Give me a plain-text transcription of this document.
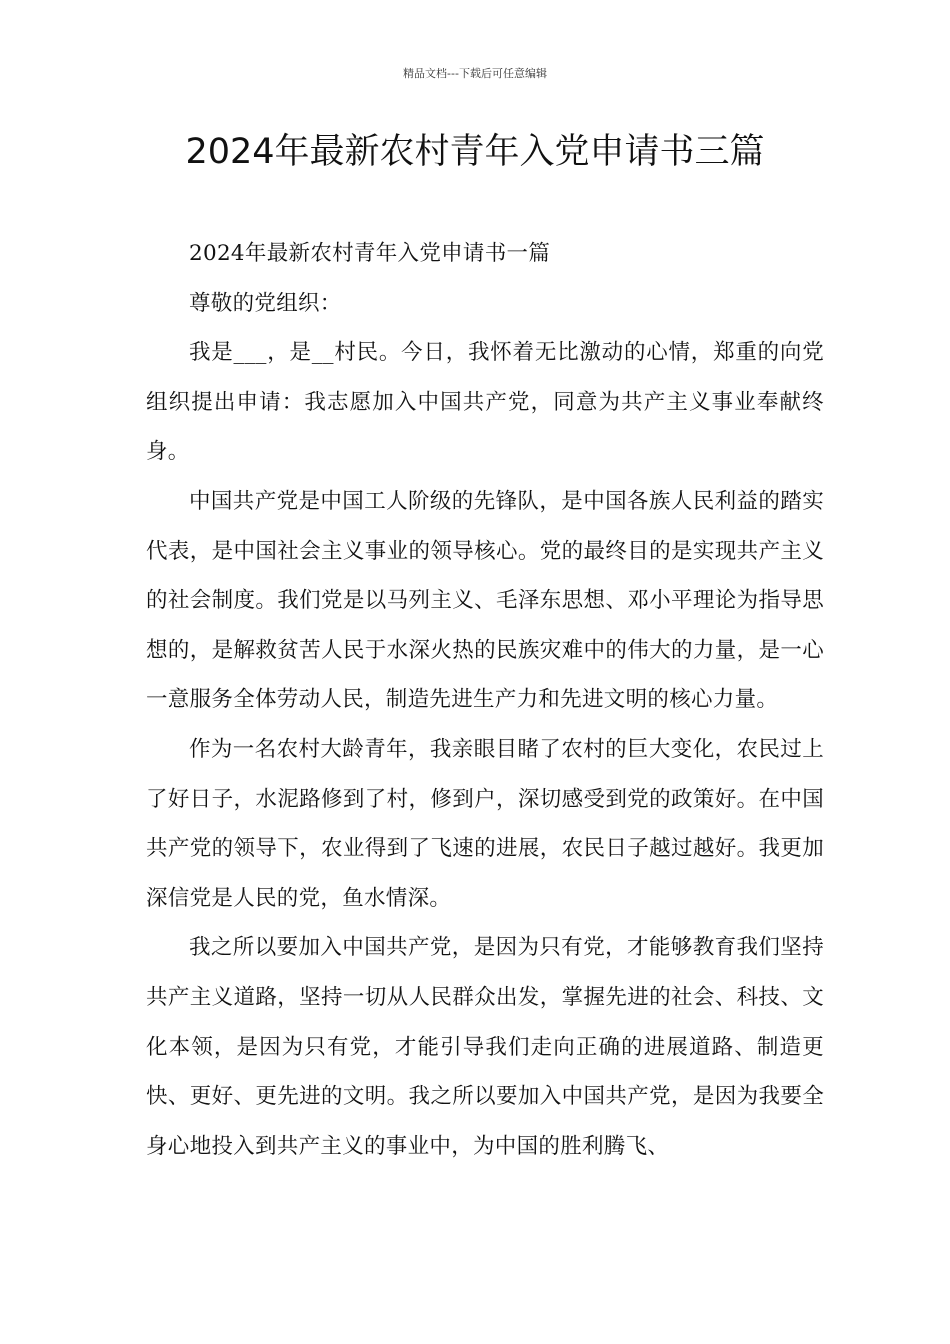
精品文档---下载后可任意编辑
2024年最新农村青年入党申请书三篇

2024年最新农村青年入党申请书一篇

尊敬的党组织：

我是___，是__村民。今日，我怀着无比激动的心情，郑重的向党组织提出申请：我志愿加入中国共产党，同意为共产主义事业奉献终身。

中国共产党是中国工人阶级的先锋队，是中国各族人民利益的踏实代表，是中国社会主义事业的领导核心。党的最终目的是实现共产主义的社会制度。我们党是以马列主义、毛泽东思想、邓小平理论为指导思想的，是解救贫苦人民于水深火热的民族灾难中的伟大的力量，是一心一意服务全体劳动人民，制造先进生产力和先进文明的核心力量。

作为一名农村大龄青年，我亲眼目睹了农村的巨大变化，农民过上了好日子，水泥路修到了村，修到户，深切感受到党的政策好。在中国共产党的领导下，农业得到了飞速的进展，农民日子越过越好。我更加深信党是人民的党，鱼水情深。

我之所以要加入中国共产党，是因为只有党，才能够教育我们坚持共产主义道路，坚持一切从人民群众出发，掌握先进的社会、科技、文化本领，是因为只有党，才能引导我们走向正确的进展道路、制造更快、更好、更先进的文明。我之所以要加入中国共产党，是因为我要全身心地投入到共产主义的事业中，为中国的胜利腾飞、
